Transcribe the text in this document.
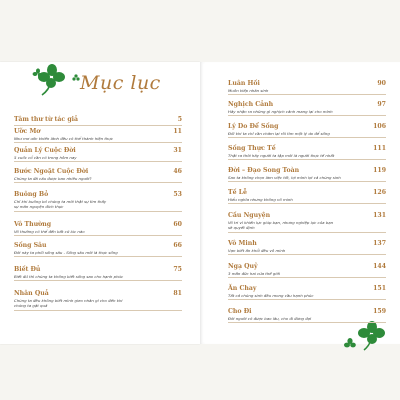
Mục lục
Tâm thư từ tác giả	5
Ước Mơ	11
Như mơ ước khiến lãnh đều có thể thành hiện thực
Quản Lý Cuộc Đời	31
5 cuốc cổ cần có trong hôm nay
Bước Ngoặt Cuộc Đời	46
Chúng ta đã cảu được bao nhiêu người?
Buông Bỏ	53
Chỉ khi buông bỏ chúng ta mới thật sự tìm thấy
sự mãn nguyện đích thực
Vô Thường	60
Vô thường có thể đến bất cứ lúc nào
Sống Sâu	66
Đời này ta phối sống sâu - Sống sâu mới là thực sống
Biết Đủ	75
Biết đủ thì chúng ta không biết sống sao cho hạnh phúc
Nhân Quả	81
Chúng ta đều không biết mình gieo nhân gì cho đến khi
chúng ta gặt quả
Luân Hồi	90
Muôn kiếp nhân sinh
Nghịch Cảnh	97
Hãy nhận ra những gì nghịch cảnh mang lại cho mình
Lý Do Để Sống	106
Đối khi ta chỉ cần chăm lại rồi tìm một lý do để sống
Sống Thực Tế	111
Thật ra thời hãy người ta tập mới là người thực tế nhất
Đời – Đạo Song Toàn	119
Sao ta không chọn làm việc tốt, lợi mình lợi cả chúng sinh
Tề Lễ	126
Hiểu nghĩa nhưng không vô minh
Cầu Nguyện	131
Vô tri vì khiến lực giúp bạn, nhưng nghiệp lực của bạn
sẽ quyết định
Vô Minh	137
Vạn biết ấn khổi đều vô minh
Ngạ Quỷ	144
3 mẫn đức hai của thế giới
Ăn Chay	151
Tất cả chúng sinh đều mong cầu hạnh phúc
Cho Đi	159
Đời người có được bao lâu, cho đi đừng đợi
